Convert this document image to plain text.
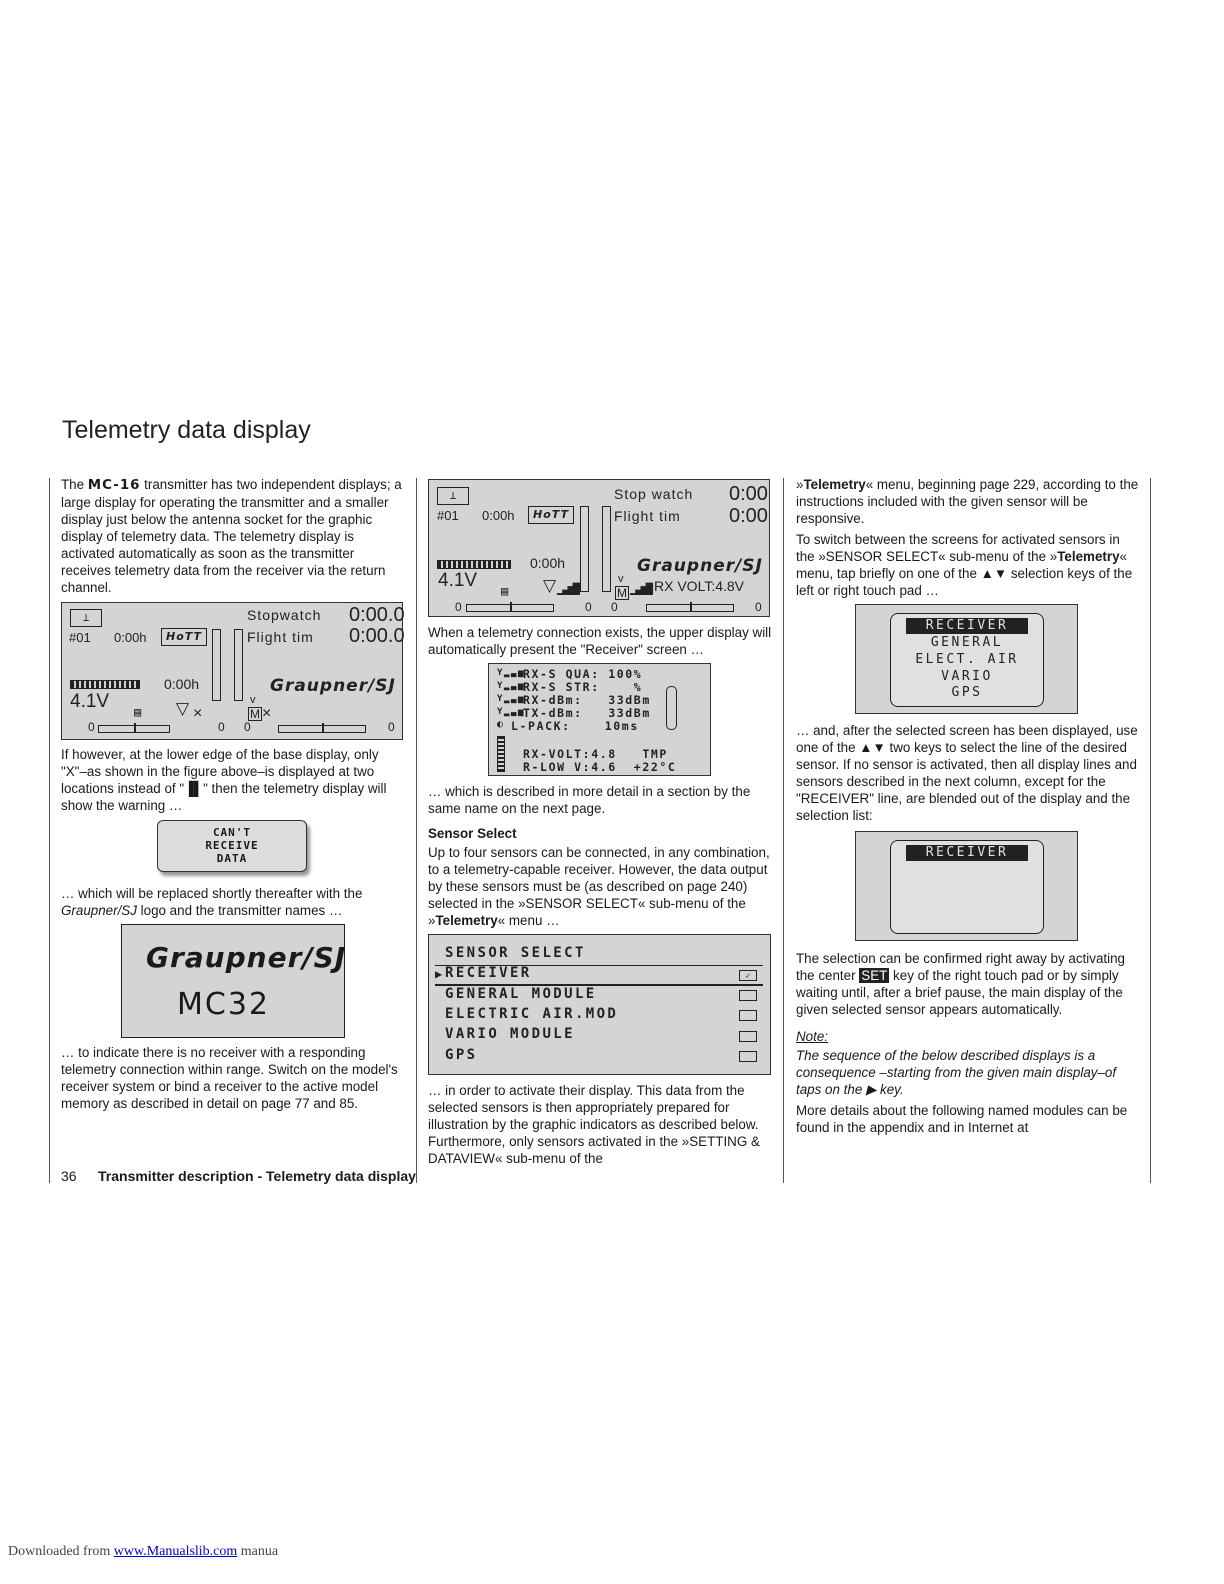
Telemetry data display

The MC-16 transmitter has two independent displays; a large display for operating the transmitter and a smaller display just below the antenna socket for the graphic display of telemetry data. The telemetry display is activated automatically as soon as the transmitter receives telemetry data from the receiver via the return channel.

⊥	Stopwatch 0:00.0
#01 0:00h	HoTT	Flight tim 0:00.0
0:00h
4.1V
Graupner/SJ
▤ ▽ ×
v
M ×
0	0 0	0

If however, at the lower edge of the base display, only "X"–as shown in the figure above–is displayed at two locations instead of "▐▌" then the telemetry display will show the warning …

CAN'T
RECEIVE
DATA

… which will be replaced shortly thereafter with the Graupner/SJ logo and the transmitter names …

Graupner/SJ
MC32

… to indicate there is no receiver with a responding telemetry connection within range. Switch on the model's receiver system or bind a receiver to the active model memory as described in detail on page 77 and 85.

⊥	Stop watch 0:00
#01 0:00h	HoTT	Flight tim 0:00
0:00h
4.1V
Graupner/SJ
▤ ▽ ▁▃▅▇
v
M ▁▃▅▇ RX VOLT:4.8V
0	0 0	0

When a telemetry connection exists, the upper display will automatically present the "Receiver" screen …

Y▂▃▅
RX-S QUA: 100%
Y▂▃▅
RX-S STR:    %
Y▂▃▅
RX-dBm:   33dBm
Y▂▃▅
TX-dBm:   33dBm
◐ L-PACK:    10ms
RX-VOLT:4.8   TMP
R-LOW V:4.6  +22°C

… which is described in more detail in a section by the same name on the next page.

Sensor Select

Up to four sensors can be connected, in any combination, to a telemetry-capable receiver. However, the data output by these sensors must be (as described on page 240) selected in the »SENSOR SELECT« sub-menu of the »Telemetry« menu …

SENSOR SELECT
▶ RECEIVER	✓
GENERAL MODULE
ELECTRIC AIR.MOD
VARIO MODULE
GPS

… in order to activate their display. This data from the selected sensors is then appropriately prepared for illustration by the graphic indicators as described below. Furthermore, only sensors activated in the »SETTING & DATAVIEW« sub-menu of the

»Telemetry« menu, beginning page 229, according to the instructions included with the given sensor will be responsive.

To switch between the screens for activated sensors in the »SENSOR SELECT« sub-menu of the »Telemetry« menu, tap briefly on one of the ▲▼ selection keys of the left or right touch pad …

RECEIVER
GENERAL
ELECT. AIR
VARIO
GPS

… and, after the selected screen has been displayed, use one of the ▲▼ two keys to select the line of the desired sensor. If no sensor is activated, then all display lines and sensors described in the next column, except for the "RECEIVER" line, are blended out of the display and the selection list:

RECEIVER

The selection can be confirmed right away by activating the center SET key of the right touch pad or by simply waiting until, after a brief pause, the main display of the given selected sensor appears automatically.

Note:

The sequence of the below described displays is a consequence –starting from the given main display–of taps on the ▶ key.

More details about the following named modules can be found in the appendix and in Internet at

36 Transmitter description - Telemetry data display
Downloaded from www.Manualslib.com manua
